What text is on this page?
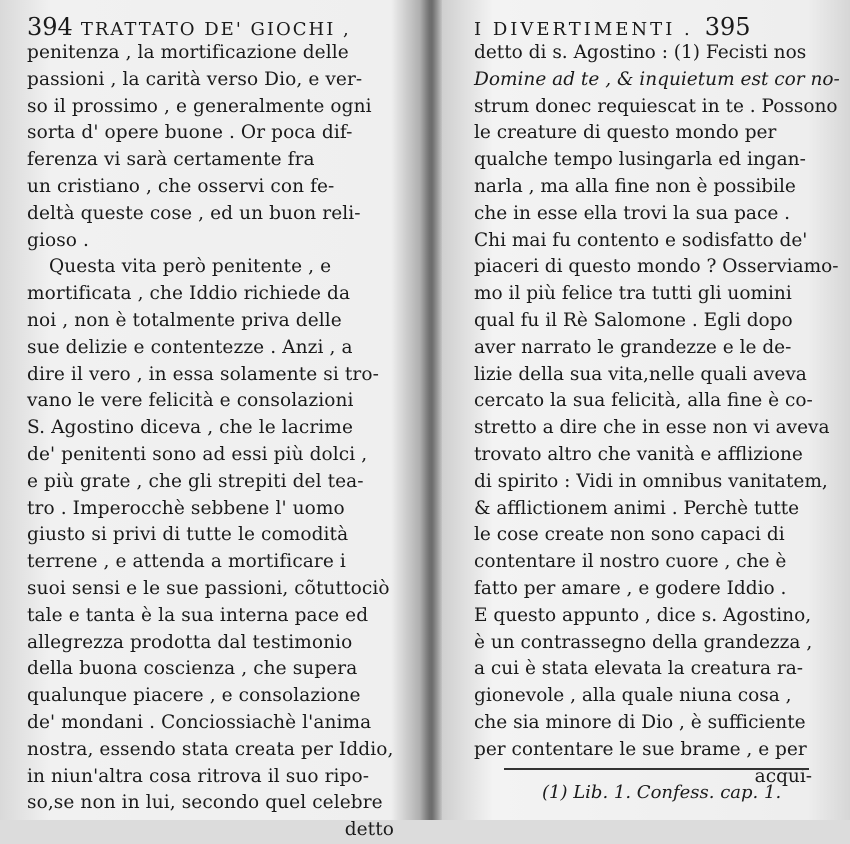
394 TRATTATO DE' GIOCHI ,
penitenza , la mortificazione delle
passioni , la carità verso Dio, e ver-
so il prossimo , e generalmente ogni
sorta d' opere buone . Or poca dif-
ferenza vi sarà certamente fra
un cristiano , che osservi con fe-
deltà queste cose , ed un buon reli-
gioso .
Questa vita però penitente , e
mortificata , che Iddio richiede da
noi , non è totalmente priva delle
sue delizie e contentezze . Anzi , a
dire il vero , in essa solamente si tro-
vano le vere felicità e consolazioni
S. Agostino diceva , che le lacrime
de' penitenti sono ad essi più dolci ,
e più grate , che gli strepiti del tea-
tro . Imperocchè sebbene l' uomo
giusto si privi di tutte le comodità
terrene , e attenda a mortificare i
suoi sensi e le sue passioni, cõtuttociò
tale e tanta è la sua interna pace ed
allegrezza prodotta dal testimonio
della buona coscienza , che supera
qualunque piacere , e consolazione
de' mondani . Conciossiachè l'anima
nostra, essendo stata creata per Iddio,
in niun'altra cosa ritrova il suo ripo-
so,se non in lui, secondo quel celebre
detto
I DIVERTIMENTI . 395
detto di s. Agostino : (1) Fecisti nos
Domine ad te , & inquietum est cor no-
strum donec requiescat in te . Possono
le creature di questo mondo per
qualche tempo lusingarla ed ingan-
narla , ma alla fine non è possibile
che in esse ella trovi la sua pace .
Chi mai fu contento e sodisfatto de'
piaceri di questo mondo ? Osserviamo-
mo il più felice tra tutti gli uomini
qual fu il Rè Salomone . Egli dopo
aver narrato le grandezze e le de-
lizie della sua vita,nelle quali aveva
cercato la sua felicità, alla fine è co-
stretto a dire che in esse non vi aveva
trovato altro che vanità e afflizione
di spirito : Vidi in omnibus vanitatem,
& afflictionem animi . Perchè tutte
le cose create non sono capaci di
contentare il nostro cuore , che è
fatto per amare , e godere Iddio .
E questo appunto , dice s. Agostino,
è un contrassegno della grandezza ,
a cui è stata elevata la creatura ra-
gionevole , alla quale niuna cosa ,
che sia minore di Dio , è sufficiente
per contentare le sue brame , e per
acqui-
(1) Lib. 1. Confess. cap. 1.
